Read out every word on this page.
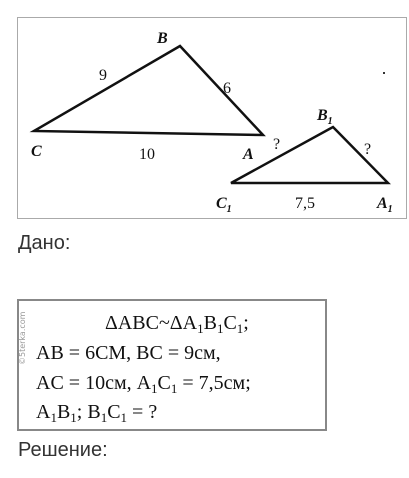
B
C	A
9
6
10
$B_1$
$C_1$	$A_1$
?	?
7,5
Дано:
$\Delta ABC\sim\Delta A_1B_1C_1$;
AB = 6СМ, BC = 9см,
AC = 10см, $A_1C_1 = 7,5см$;
$A_1B_1$; $B_1C_1$ = ?
©5terka.com
Решение:
